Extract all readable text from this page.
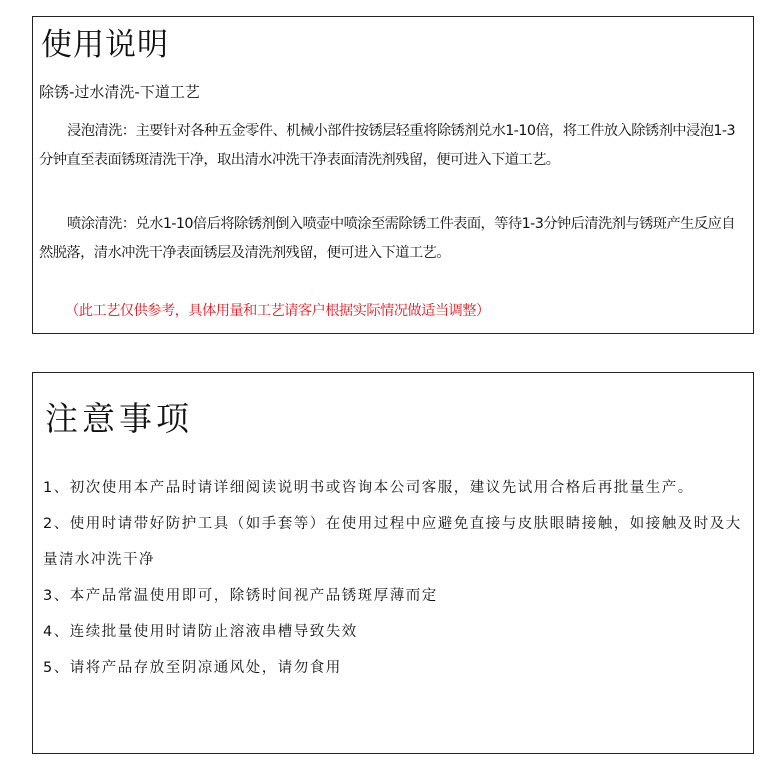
使用说明

除锈-过水清洗-下道工艺

浸泡清洗：主要针对各种五金零件、机械小部件按锈层轻重将除锈剂兑水1-10倍，将工件放入除锈剂中浸泡1-3分钟直至表面锈斑清洗干净，取出清水冲洗干净表面清洗剂残留，便可进入下道工艺。

喷涂清洗：兑水1-10倍后将除锈剂倒入喷壶中喷涂至需除锈工件表面，等待1-3分钟后清洗剂与锈斑产生反应自然脱落，清水冲洗干净表面锈层及清洗剂残留，便可进入下道工艺。

（此工艺仅供参考，具体用量和工艺请客户根据实际情况做适当调整）

注意事项
1、初次使用本产品时请详细阅读说明书或咨询本公司客服，建议先试用合格后再批量生产。
2、使用时请带好防护工具（如手套等）在使用过程中应避免直接与皮肤眼睛接触，如接触及时及大量清水冲洗干净
3、本产品常温使用即可，除锈时间视产品锈斑厚薄而定
4、连续批量使用时请防止溶液串槽导致失效
5、请将产品存放至阴凉通风处，请勿食用
